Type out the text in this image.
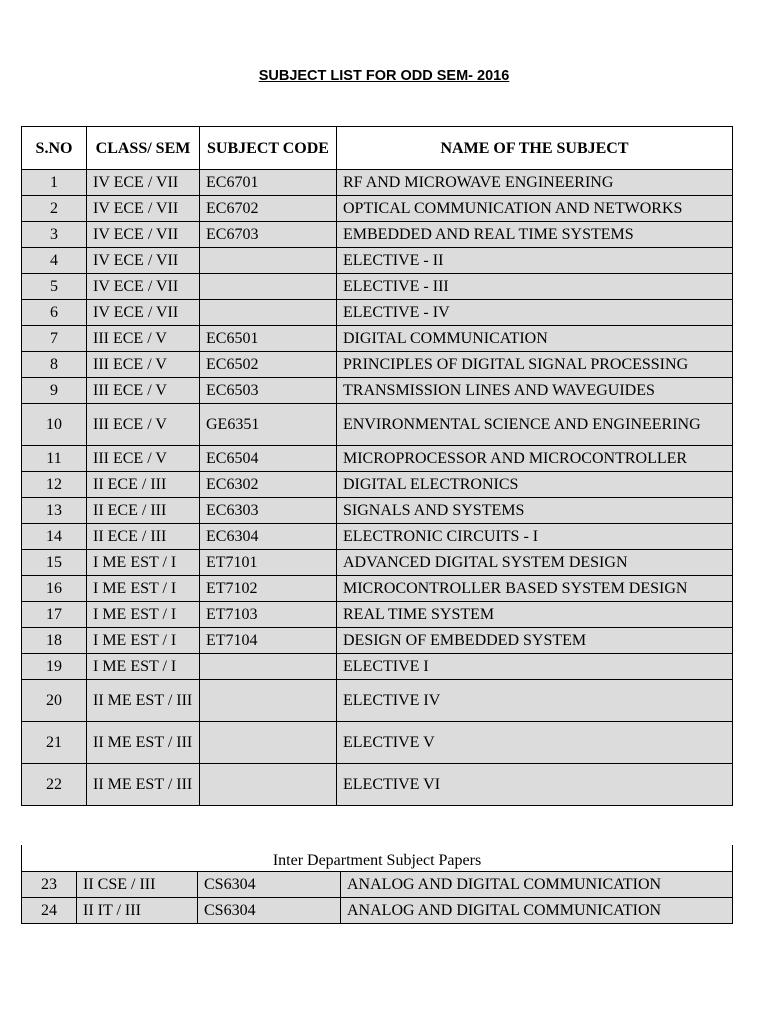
SUBJECT LIST FOR ODD SEM- 2016
S.NO	CLASS/ SEM	SUBJECT CODE	NAME OF THE SUBJECT
1	IV ECE / VII	EC6701	RF AND MICROWAVE ENGINEERING
2	IV ECE / VII	EC6702	OPTICAL COMMUNICATION AND NETWORKS
3	IV ECE / VII	EC6703	EMBEDDED AND REAL TIME SYSTEMS
4	IV ECE / VII		ELECTIVE - II
5	IV ECE / VII		ELECTIVE - III
6	IV ECE / VII		ELECTIVE - IV
7	III ECE / V	EC6501	DIGITAL COMMUNICATION
8	III ECE / V	EC6502	PRINCIPLES OF DIGITAL SIGNAL PROCESSING
9	III ECE / V	EC6503	TRANSMISSION LINES AND WAVEGUIDES
10	III ECE / V	GE6351	ENVIRONMENTAL SCIENCE AND ENGINEERING
11	III ECE / V	EC6504	MICROPROCESSOR AND MICROCONTROLLER
12	II ECE / III	EC6302	DIGITAL ELECTRONICS
13	II ECE / III	EC6303	SIGNALS AND SYSTEMS
14	II ECE / III	EC6304	ELECTRONIC CIRCUITS - I
15	I ME EST / I	ET7101	ADVANCED DIGITAL SYSTEM DESIGN
16	I ME EST / I	ET7102	MICROCONTROLLER BASED SYSTEM DESIGN
17	I ME EST / I	ET7103	REAL TIME SYSTEM
18	I ME EST / I	ET7104	DESIGN OF EMBEDDED SYSTEM
19	I ME EST / I		ELECTIVE I
20	II ME EST / III		ELECTIVE IV
21	II ME EST / III		ELECTIVE V
22	II ME EST / III		ELECTIVE VI
Inter Department Subject Papers			
23	II CSE / III	CS6304	ANALOG AND DIGITAL COMMUNICATION
24	II IT / III	CS6304	ANALOG AND DIGITAL COMMUNICATION
